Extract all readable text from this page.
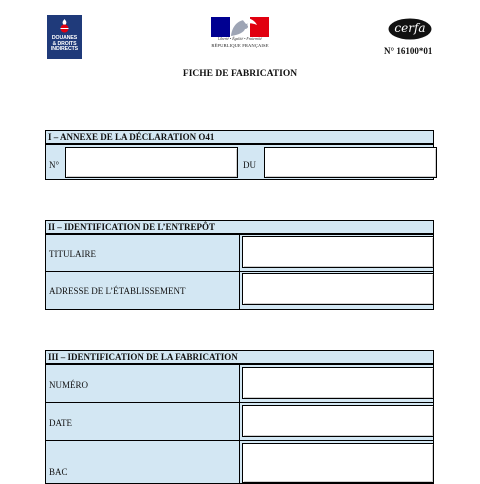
DOUANES
& DROITS
INDIRECTS
Liberté • Égalité • Fraternité
RÉPUBLIQUE FRANÇAISE
cerfa
N° 16100*01
FICHE DE FABRICATION
I – ANNEXE DE LA DÉCLARATION O41
N°	DU
II – IDENTIFICATION DE L’ENTREPÔT
TITULAIRE
ADRESSE DE L’ÉTABLISSEMENT
III – IDENTIFICATION DE LA FABRICATION
NUMÉRO
DATE
BAC
